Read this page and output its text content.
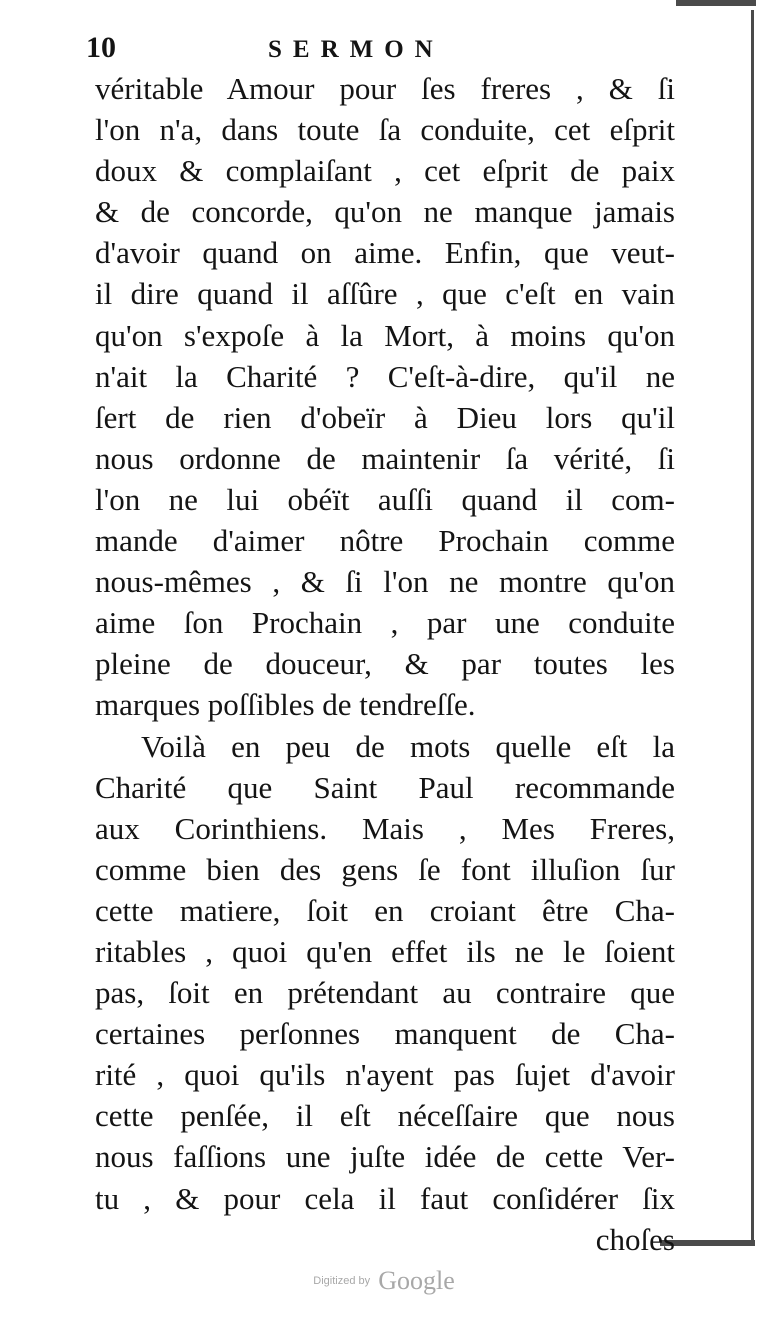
10	SERMON
véritable Amour pour ſes freres , & ſi
l'on n'a, dans toute ſa conduite, cet eſprit
doux & complaiſant , cet eſprit de paix
& de concorde, qu'on ne manque jamais
d'avoir quand on aime. Enfin, que veut-
il dire quand il aſſûre , que c'eſt en vain
qu'on s'expoſe à la Mort, à moins qu'on
n'ait la Charité ? C'eſt-à-dire, qu'il ne
ſert de rien d'obeïr à Dieu lors qu'il
nous ordonne de maintenir ſa vérité, ſi
l'on ne lui obéït auſſi quand il com-
mande d'aimer nôtre Prochain comme
nous-mêmes , & ſi l'on ne montre qu'on
aime ſon Prochain , par une conduite
pleine de douceur, & par toutes les
marques poſſibles de tendreſſe.
Voilà en peu de mots quelle eſt la
Charité que Saint Paul recommande
aux Corinthiens. Mais , Mes Freres,
comme bien des gens ſe font illuſion ſur
cette matiere, ſoit en croiant être Cha-
ritables , quoi qu'en effet ils ne le ſoient
pas, ſoit en prétendant au contraire que
certaines perſonnes manquent de Cha-
rité , quoi qu'ils n'ayent pas ſujet d'avoir
cette penſée, il eſt néceſſaire que nous
nous faſſions une juſte idée de cette Ver-
tu , & pour cela il faut conſidérer ſix
choſes
Digitized by Google
